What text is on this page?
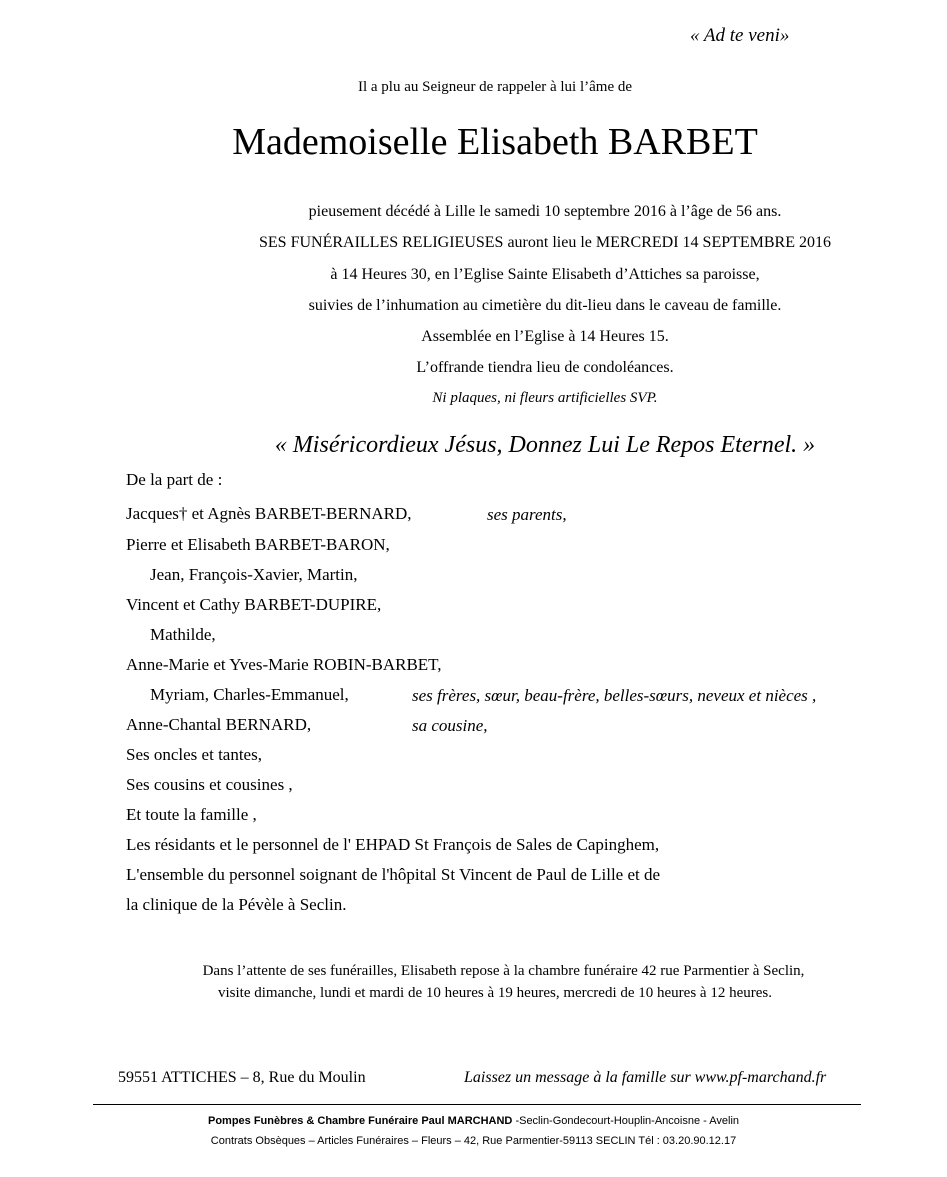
« Ad te veni»
Il a plu au Seigneur de rappeler à lui l’âme de
Mademoiselle Elisabeth BARBET
pieusement décédé à Lille le samedi 10 septembre 2016 à l’âge de 56 ans.
SES FUNÉRAILLES RELIGIEUSES auront lieu le MERCREDI 14 SEPTEMBRE 2016
à 14 Heures 30, en l’Eglise Sainte Elisabeth d’Attiches sa paroisse,
suivies de l’inhumation au cimetière du dit-lieu dans le caveau de famille.
Assemblée en l’Eglise à 14 Heures 15.
L’offrande tiendra lieu de condoléances.
Ni plaques, ni fleurs artificielles SVP.
« Miséricordieux Jésus, Donnez Lui Le Repos Eternel. »
De la part de :
Jacques† et Agnès BARBET-BERNARD,	ses parents,
Pierre et Elisabeth BARBET-BARON,
Jean, François-Xavier, Martin,
Vincent et Cathy BARBET-DUPIRE,
Mathilde,
Anne-Marie et Yves-Marie ROBIN-BARBET,
Myriam, Charles-Emmanuel,	ses frères, sœur, beau-frère, belles-sœurs, neveux et nièces ,
Anne-Chantal BERNARD,	sa cousine,
Ses oncles et tantes,
Ses cousins et cousines ,
Et toute la famille ,
Les résidants et le personnel de l' EHPAD St François de Sales de Capinghem,
L'ensemble du personnel soignant de l'hôpital St Vincent de Paul de Lille et de
la clinique de la Pévèle à Seclin.
Dans l’attente de ses funérailles, Elisabeth repose à la chambre funéraire 42 rue Parmentier à Seclin,
visite dimanche, lundi et mardi de 10 heures à 19 heures, mercredi de 10 heures à 12 heures.
59551 ATTICHES – 8, Rue du Moulin	Laissez un message à la famille sur www.pf-marchand.fr
Pompes Funèbres & Chambre Funéraire Paul MARCHAND -Seclin-Gondecourt-Houplin-Ancoisne - Avelin
Contrats Obsèques – Articles Funéraires – Fleurs – 42, Rue Parmentier-59113 SECLIN Tél : 03.20.90.12.17
